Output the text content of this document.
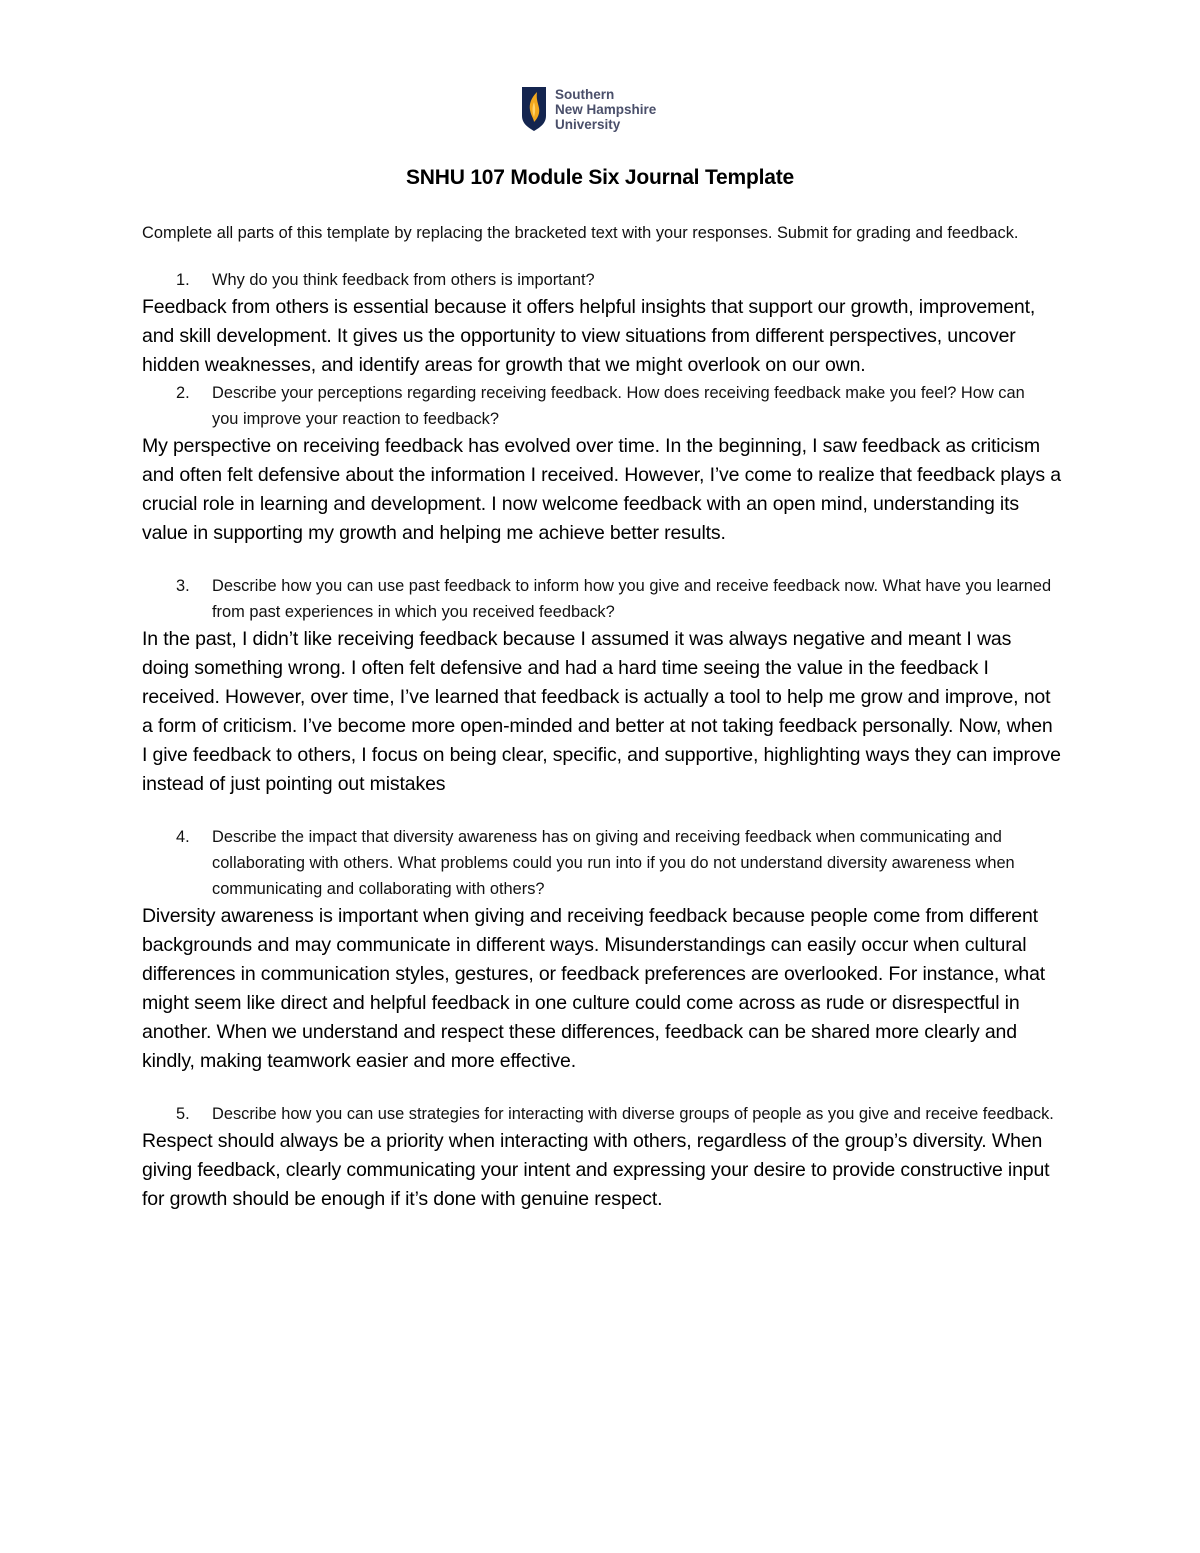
Southern
New Hampshire
University
SNHU 107 Module Six Journal Template

Complete all parts of this template by replacing the bracketed text with your responses. Submit for grading and feedback.

1.	Why do you think feedback from others is important?

Feedback from others is essential because it offers helpful insights that support our growth, improvement, and skill development. It gives us the opportunity to view situations from different perspectives, uncover hidden weaknesses, and identify areas for growth that we might overlook on our own.

2.	Describe your perceptions regarding receiving feedback. How does receiving feedback make you feel? How can you improve your reaction to feedback?

My perspective on receiving feedback has evolved over time. In the beginning, I saw feedback as criticism and often felt defensive about the information I received. However, I’ve come to realize that feedback plays a crucial role in learning and development. I now welcome feedback with an open mind, understanding its value in supporting my growth and helping me achieve better results.

3.	Describe how you can use past feedback to inform how you give and receive feedback now. What have you learned from past experiences in which you received feedback?

In the past, I didn’t like receiving feedback because I assumed it was always negative and meant I was doing something wrong. I often felt defensive and had a hard time seeing the value in the feedback I received. However, over time, I’ve learned that feedback is actually a tool to help me grow and improve, not a form of criticism. I’ve become more open-minded and better at not taking feedback personally. Now, when I give feedback to others, I focus on being clear, specific, and supportive, highlighting ways they can improve instead of just pointing out mistakes

4.	Describe the impact that diversity awareness has on giving and receiving feedback when communicating and collaborating with others. What problems could you run into if you do not understand diversity awareness when communicating and collaborating with others?

Diversity awareness is important when giving and receiving feedback because people come from different backgrounds and may communicate in different ways. Misunderstandings can easily occur when cultural differences in communication styles, gestures, or feedback preferences are overlooked. For instance, what might seem like direct and helpful feedback in one culture could come across as rude or disrespectful in another. When we understand and respect these differences, feedback can be shared more clearly and kindly, making teamwork easier and more effective.

5.	Describe how you can use strategies for interacting with diverse groups of people as you give and receive feedback.

Respect should always be a priority when interacting with others, regardless of the group’s diversity. When giving feedback, clearly communicating your intent and expressing your desire to provide constructive input for growth should be enough if it’s done with genuine respect.
